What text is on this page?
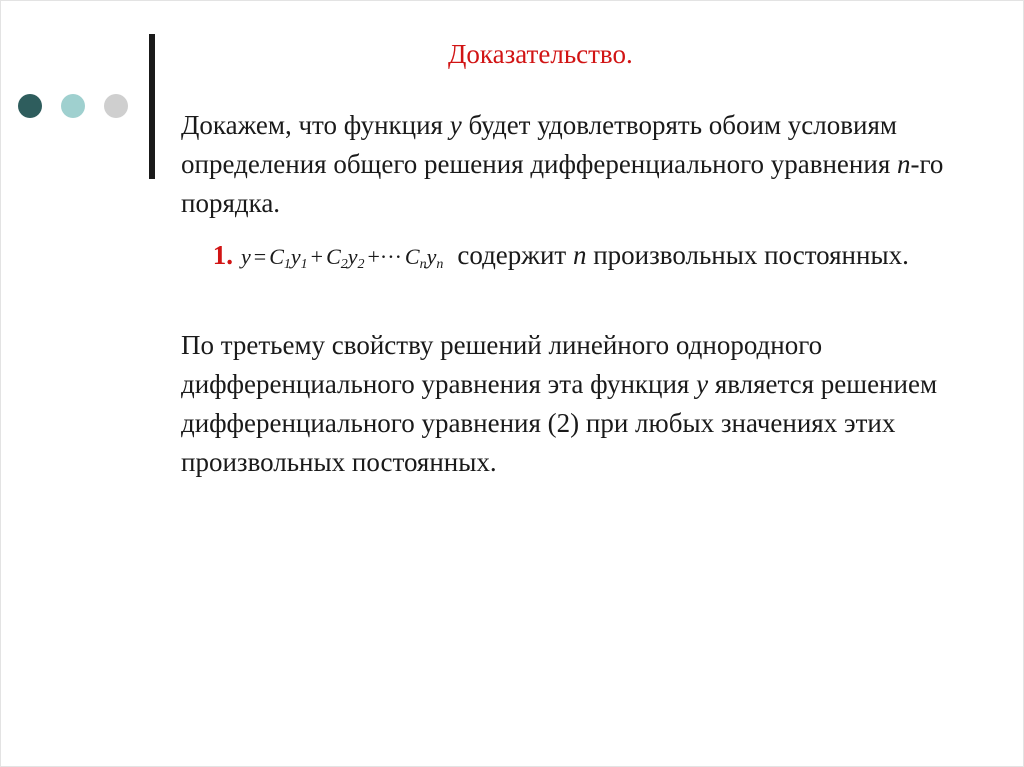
Доказательство.

Докажем, что функция y будет удовлетворять обоим условиям определения общего решения дифференциального уравнения n-го порядка.

1. $y = C_1y_1 + C_2y_2$ +··· $C_ny_n$ содержит n произвольных постоянных.

По третьему свойству решений линейного однородного дифференциального уравнения эта функция y является решением дифференциального уравнения (2) при любых значениях этих произвольных постоянных.
